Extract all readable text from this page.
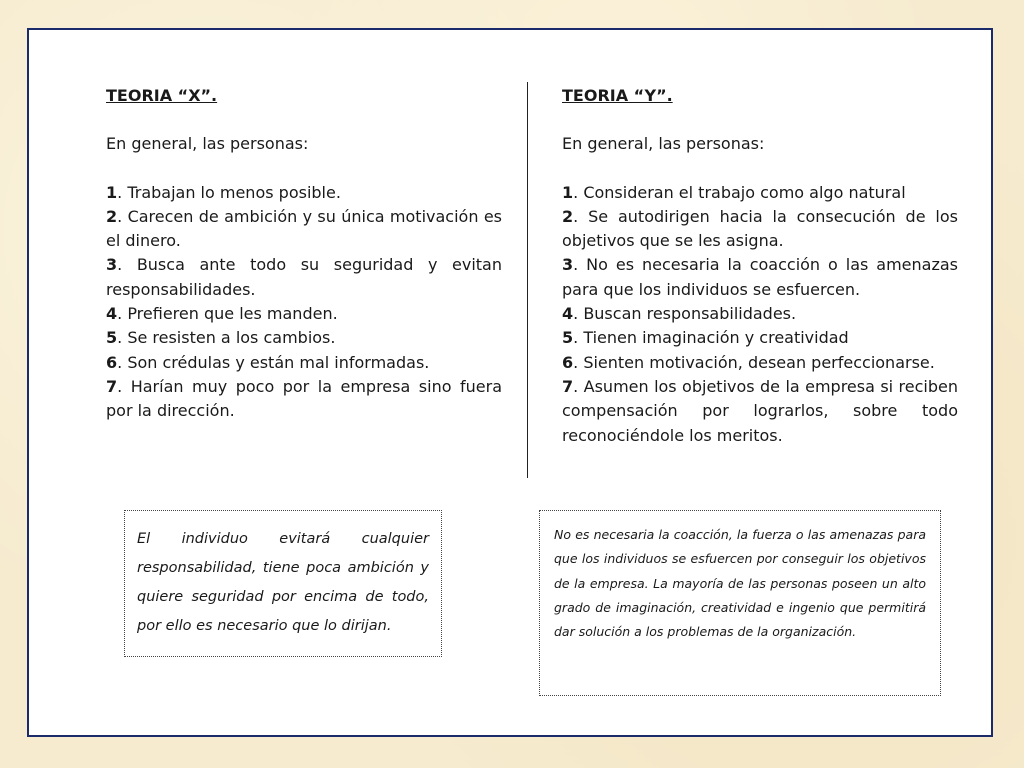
TEORIA “X”.

En general, las personas:

1. Trabajan lo menos posible.

2. Carecen de ambición y su única motivación es el dinero.

3. Busca ante todo su seguridad y evitan responsabilidades.

4. Prefieren que les manden.

5. Se resisten a los cambios.

6. Son crédulas y están mal informadas.

7. Harían muy poco por la empresa sino fuera por la dirección.

TEORIA “Y”.

En general, las personas:

1. Consideran el trabajo como algo natural

2. Se autodirigen hacia la consecución de los objetivos que se les asigna.

3. No es necesaria la coacción o las amenazas para que los individuos se esfuercen.

4. Buscan responsabilidades.

5. Tienen imaginación y creatividad

6. Sienten motivación, desean perfeccionarse.

7. Asumen los objetivos de la empresa si reciben compensación por lograrlos, sobre todo reconociéndole los meritos.

El individuo evitará cualquier responsabilidad, tiene poca ambición y quiere seguridad por encima de todo, por ello es necesario que lo dirijan.

No es necesaria la coacción, la fuerza o las amenazas para que los individuos se esfuercen por conseguir los objetivos de la empresa. La mayoría de las personas poseen un alto grado de imaginación, creatividad e ingenio que permitirá dar solución a los problemas de la organización.
